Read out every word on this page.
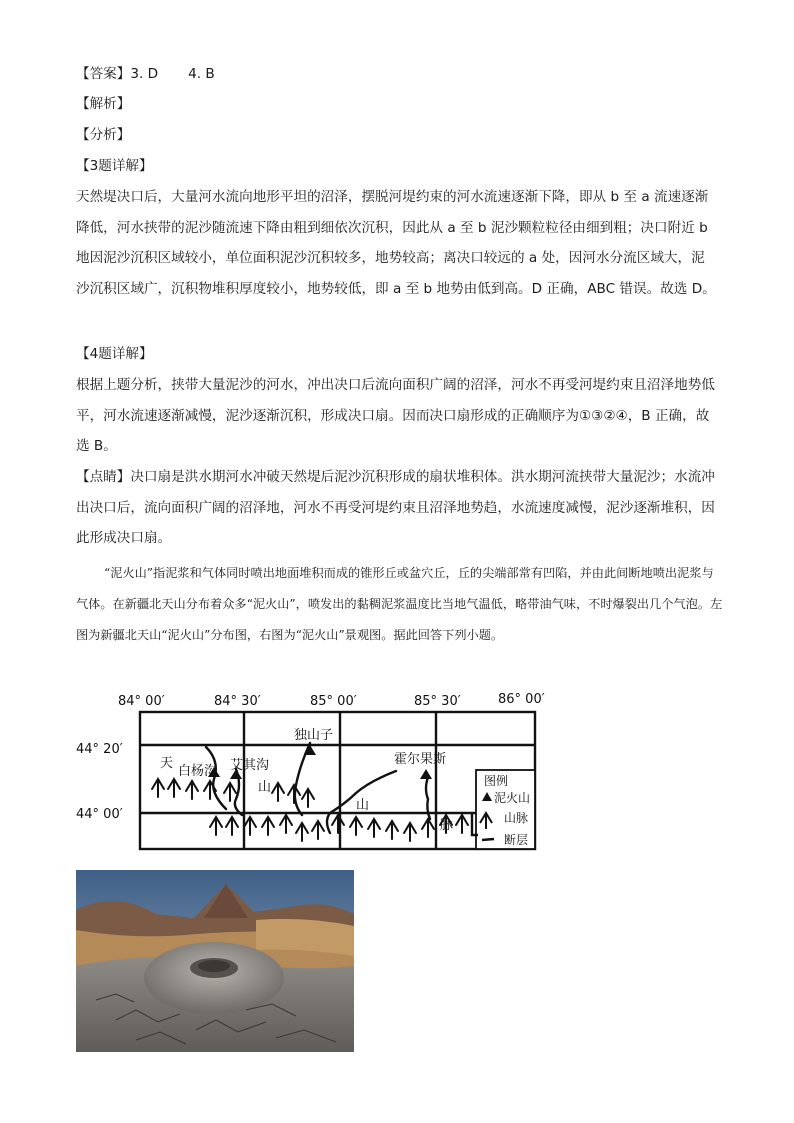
【答案】3. D 4. B
【解析】
【分析】
【3题详解】
天然堤决口后，大量河水流向地形平坦的沼泽，摆脱河堤约束的河水流速逐渐下降，即从 b 至 a 流速逐渐降低，河水挟带的泥沙随流速下降由粗到细依次沉积，因此从 a 至 b 泥沙颗粒粒径由细到粗；决口附近 b 地因泥沙沉积区域较小，单位面积泥沙沉积较多，地势较高；离决口较远的 a 处，因河水分流区域大，泥沙沉积区域广，沉积物堆积厚度较小，地势较低，即 a 至 b 地势由低到高。D 正确，ABC 错误。故选 D。
【4题详解】
根据上题分析，挟带大量泥沙的河水，冲出决口后流向面积广阔的沼泽，河水不再受河堤约束且沼泽地势低平，河水流速逐渐减慢，泥沙逐渐沉积，形成决口扇。因而决口扇形成的正确顺序为①③②④，B 正确，故选 B。
【点睛】决口扇是洪水期河水冲破天然堤后泥沙沉积形成的扇状堆积体。洪水期河流挟带大量泥沙；水流冲出决口后，流向面积广阔的沼泽地，河水不再受河堤约束且沼泽地势趋，水流速度减慢，泥沙逐渐堆积，因此形成决口扇。
“泥火山”指泥浆和气体同时喷出地面堆积而成的锥形丘或盆穴丘，丘的尖端部常有凹陷，并由此间断地喷出泥浆与气体。在新疆北天山分布着众多“泥火山”，喷发出的黏稠泥浆温度比当地气温低，略带油气味，不时爆裂出几个气泡。左图为新疆北天山“泥火山”分布图，右图为“泥火山”景观图。据此回答下列小题。
84° 00′	84° 30′	85° 00′	85° 30′	86° 00′
44° 20′
44° 00′
天
白杨沟 艾其沟
山
独山子
山
霍尔果斯
脉
图例
泥火山
山脉
断层
